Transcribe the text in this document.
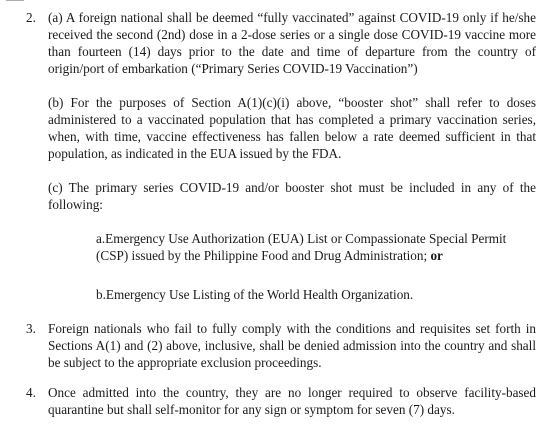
2. (a) A foreign national shall be deemed “fully vaccinated” against COVID-19 only if he/she received the second (2nd) dose in a 2-dose series or a single dose COVID-19 vaccine more than fourteen (14) days prior to the date and time of departure from the country of origin/port of embarkation (“Primary Series COVID-19 Vaccination”)
(b) For the purposes of Section A(1)(c)(i) above, “booster shot” shall refer to doses administered to a vaccinated population that has completed a primary vaccination series, when, with time, vaccine effectiveness has fallen below a rate deemed sufficient in that population, as indicated in the EUA issued by the FDA.
(c) The primary series COVID-19 and/or booster shot must be included in any of the following:
a.Emergency Use Authorization (EUA) List or Compassionate Special Permit (CSP) issued by the Philippine Food and Drug Administration; or
b.Emergency Use Listing of the World Health Organization.
3. Foreign nationals who fail to fully comply with the conditions and requisites set forth in Sections A(1) and (2) above, inclusive, shall be denied admission into the country and shall be subject to the appropriate exclusion proceedings.
4. Once admitted into the country, they are no longer required to observe facility-based quarantine but shall self-monitor for any sign or symptom for seven (7) days.
